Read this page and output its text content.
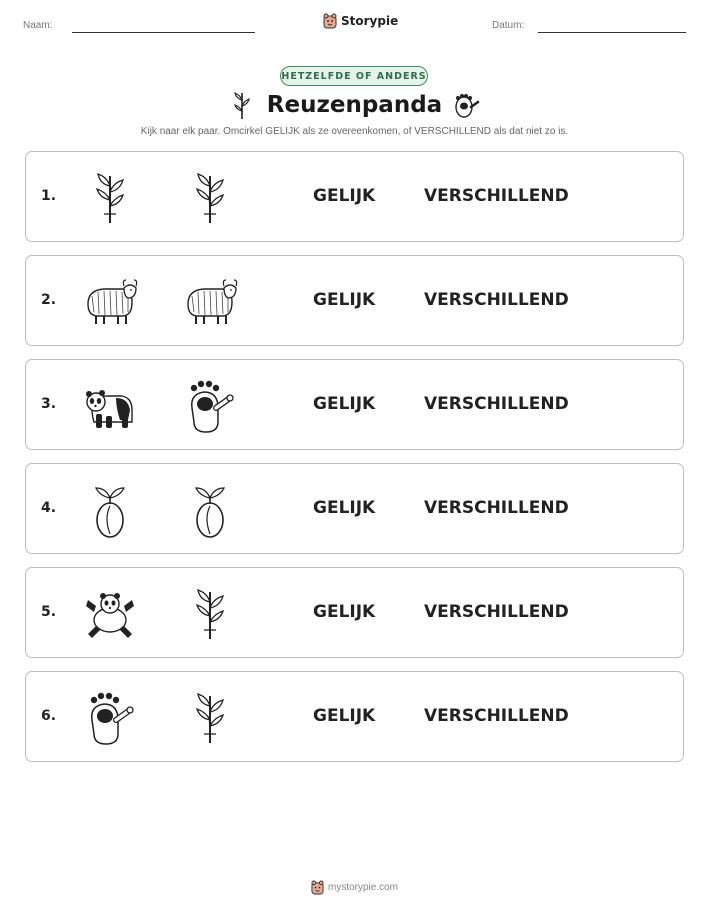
Naam:	Storypie	Datum:
HETZELFDE OF ANDERS
Reuzenpanda
Kijk naar elk paar. Omcirkel GELIJK als ze overeenkomen, of VERSCHILLEND als dat niet zo is.
1.	GELIJK	VERSCHILLEND
2.	GELIJK	VERSCHILLEND
3.	GELIJK	VERSCHILLEND
4.	GELIJK	VERSCHILLEND
5.	GELIJK	VERSCHILLEND
6.	GELIJK	VERSCHILLEND
mystorypie.com
